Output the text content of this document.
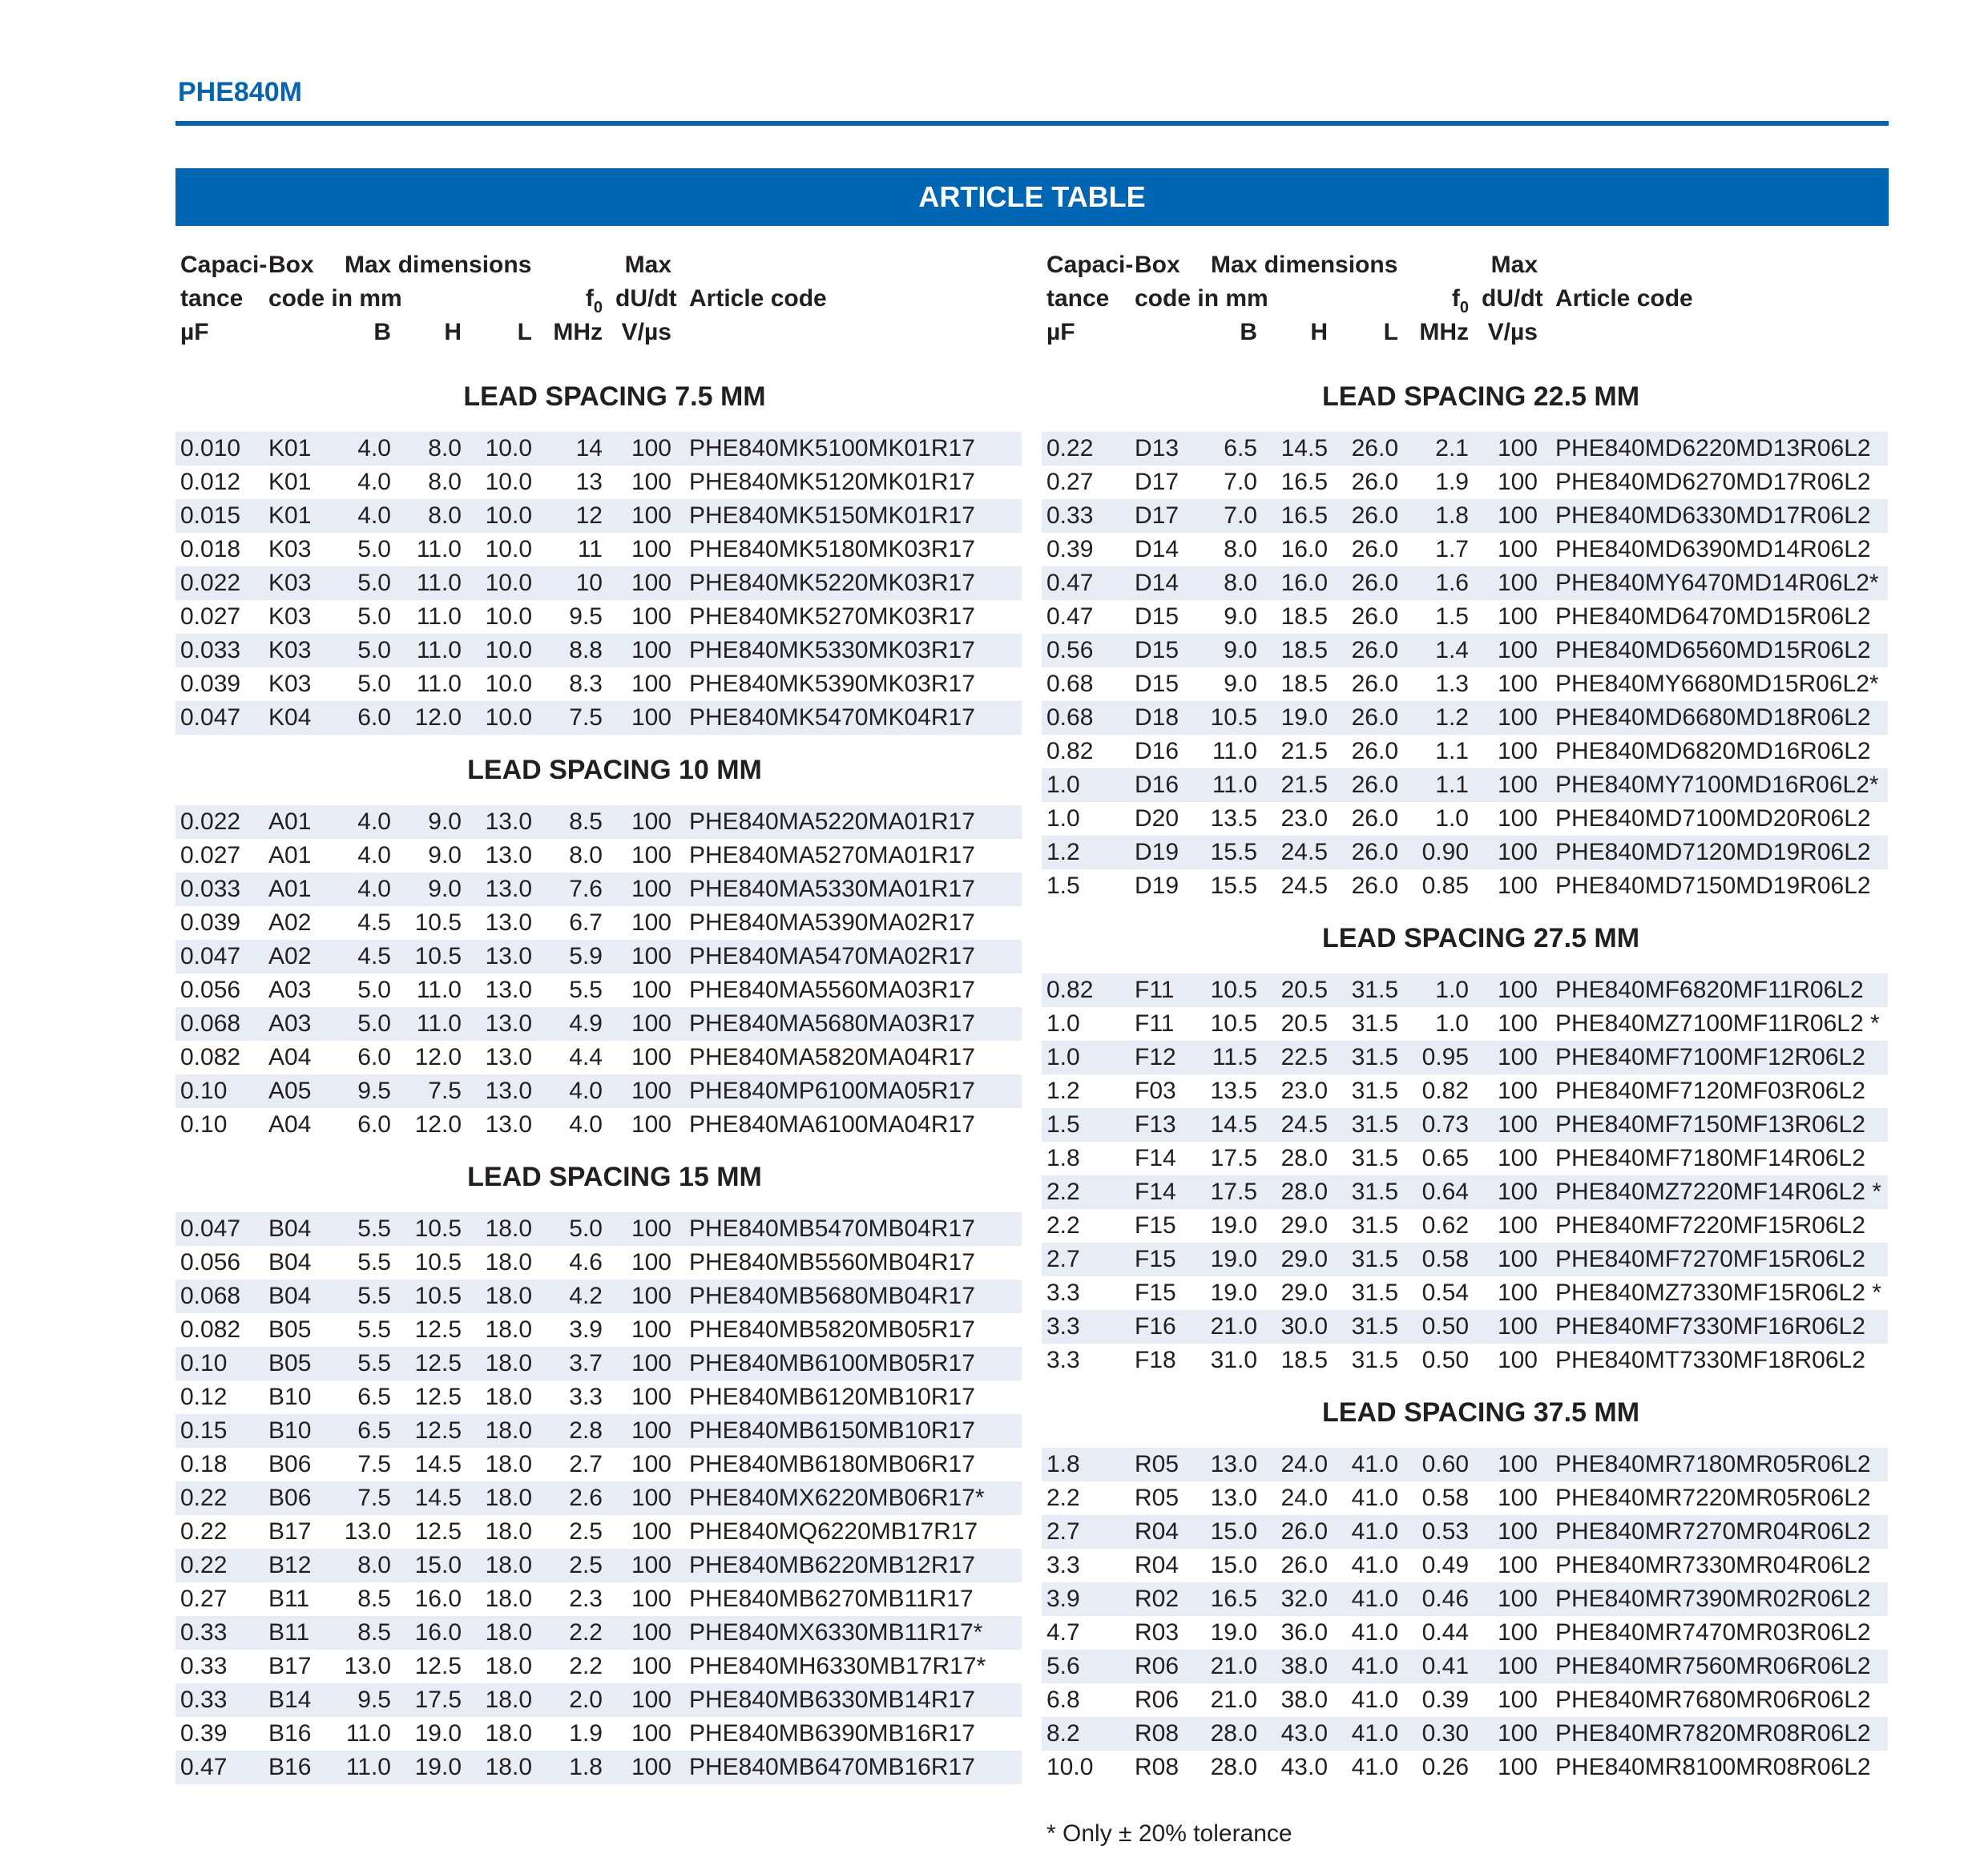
PHE840M
ARTICLE TABLE
Capaci- Box	Max dimensions	Max
tance	code in mm	$f_0$ dU/dt Article code
µF	B	H	L MHz V/µs
LEAD SPACING 7.5 MM
0.010	K01	4.0	8.0 10.0	14	100 PHE840MK5100MK01R17
0.012	K01	4.0	8.0 10.0	13	100 PHE840MK5120MK01R17
0.015	K01	4.0	8.0 10.0	12	100 PHE840MK5150MK01R17
0.018	K03	5.0	11.0 10.0	11	100 PHE840MK5180MK03R17
0.022	K03	5.0	11.0 10.0	10	100 PHE840MK5220MK03R17
0.027	K03	5.0	11.0 10.0	9.5	100 PHE840MK5270MK03R17
0.033	K03	5.0	11.0 10.0	8.8	100 PHE840MK5330MK03R17
0.039	K03	5.0	11.0 10.0	8.3	100 PHE840MK5390MK03R17
0.047	K04	6.0 12.0 10.0	7.5	100 PHE840MK5470MK04R17
LEAD SPACING 10 MM
0.022	A01	4.0	9.0 13.0	8.5	100 PHE840MA5220MA01R17
0.027	A01	4.0	9.0 13.0	8.0	100 PHE840MA5270MA01R17
0.033	A01	4.0	9.0 13.0	7.6	100 PHE840MA5330MA01R17
0.039	A02	4.5 10.5 13.0	6.7	100 PHE840MA5390MA02R17
0.047	A02	4.5 10.5 13.0	5.9	100 PHE840MA5470MA02R17
0.056	A03	5.0	11.0 13.0	5.5	100 PHE840MA5560MA03R17
0.068	A03	5.0	11.0 13.0	4.9	100 PHE840MA5680MA03R17
0.082	A04	6.0 12.0 13.0	4.4	100 PHE840MA5820MA04R17
0.10	A05	9.5	7.5 13.0	4.0	100 PHE840MP6100MA05R17
0.10	A04	6.0 12.0 13.0	4.0	100 PHE840MA6100MA04R17
LEAD SPACING 15 MM
0.047	B04	5.5 10.5 18.0	5.0	100 PHE840MB5470MB04R17
0.056	B04	5.5 10.5 18.0	4.6	100 PHE840MB5560MB04R17
0.068	B04	5.5 10.5 18.0	4.2	100 PHE840MB5680MB04R17
0.082	B05	5.5 12.5 18.0	3.9	100 PHE840MB5820MB05R17
0.10	B05	5.5 12.5 18.0	3.7	100 PHE840MB6100MB05R17
0.12	B10	6.5 12.5 18.0	3.3	100 PHE840MB6120MB10R17
0.15	B10	6.5 12.5 18.0	2.8	100 PHE840MB6150MB10R17
0.18	B06	7.5 14.5 18.0	2.7	100 PHE840MB6180MB06R17
0.22	B06	7.5 14.5 18.0	2.6	100 PHE840MX6220MB06R17*
0.22	B17	13.0 12.5 18.0	2.5	100 PHE840MQ6220MB17R17
0.22	B12	8.0 15.0 18.0	2.5	100 PHE840MB6220MB12R17
0.27	B11	8.5 16.0 18.0	2.3	100 PHE840MB6270MB11R17
0.33	B11	8.5 16.0 18.0	2.2	100 PHE840MX6330MB11R17*
0.33	B17	13.0 12.5 18.0	2.2	100 PHE840MH6330MB17R17*
0.33	B14	9.5 17.5 18.0	2.0	100 PHE840MB6330MB14R17
0.39	B16	11.0 19.0 18.0	1.9	100 PHE840MB6390MB16R17
0.47	B16	11.0 19.0 18.0	1.8	100 PHE840MB6470MB16R17
Capaci- Box	Max dimensions	Max
tance	code in mm	$f_0$ dU/dt Article code
µF	B	H	L MHz V/µs
LEAD SPACING 22.5 MM
0.22	D13	6.5 14.5 26.0	2.1	100 PHE840MD6220MD13R06L2
0.27	D17	7.0 16.5 26.0	1.9	100 PHE840MD6270MD17R06L2
0.33	D17	7.0 16.5 26.0	1.8	100 PHE840MD6330MD17R06L2
0.39	D14	8.0 16.0 26.0	1.7	100 PHE840MD6390MD14R06L2
0.47	D14	8.0 16.0 26.0	1.6	100 PHE840MY6470MD14R06L2*
0.47	D15	9.0 18.5 26.0	1.5	100 PHE840MD6470MD15R06L2
0.56	D15	9.0 18.5 26.0	1.4	100 PHE840MD6560MD15R06L2
0.68	D15	9.0 18.5 26.0	1.3	100 PHE840MY6680MD15R06L2*
0.68	D18	10.5 19.0 26.0	1.2	100 PHE840MD6680MD18R06L2
0.82	D16	11.0 21.5 26.0	1.1	100 PHE840MD6820MD16R06L2
1.0	D16	11.0 21.5 26.0	1.1	100 PHE840MY7100MD16R06L2*
1.0	D20	13.5 23.0 26.0	1.0	100 PHE840MD7100MD20R06L2
1.2	D19	15.5 24.5 26.0 0.90	100 PHE840MD7120MD19R06L2
1.5	D19	15.5 24.5 26.0 0.85	100 PHE840MD7150MD19R06L2
LEAD SPACING 27.5 MM
0.82	F11	10.5 20.5 31.5	1.0	100 PHE840MF6820MF11R06L2
1.0	F11	10.5 20.5 31.5	1.0	100 PHE840MZ7100MF11R06L2 *
1.0	F12	11.5 22.5 31.5 0.95	100 PHE840MF7100MF12R06L2
1.2	F03	13.5 23.0 31.5 0.82	100 PHE840MF7120MF03R06L2
1.5	F13	14.5 24.5 31.5 0.73	100 PHE840MF7150MF13R06L2
1.8	F14	17.5 28.0 31.5 0.65	100 PHE840MF7180MF14R06L2
2.2	F14	17.5 28.0 31.5 0.64	100 PHE840MZ7220MF14R06L2 *
2.2	F15	19.0 29.0 31.5 0.62	100 PHE840MF7220MF15R06L2
2.7	F15	19.0 29.0 31.5 0.58	100 PHE840MF7270MF15R06L2
3.3	F15	19.0 29.0 31.5 0.54	100 PHE840MZ7330MF15R06L2 *
3.3	F16	21.0 30.0 31.5 0.50	100 PHE840MF7330MF16R06L2
3.3	F18	31.0 18.5 31.5 0.50	100 PHE840MT7330MF18R06L2
LEAD SPACING 37.5 MM
1.8	R05	13.0 24.0 41.0 0.60	100 PHE840MR7180MR05R06L2
2.2	R05	13.0 24.0 41.0 0.58	100 PHE840MR7220MR05R06L2
2.7	R04	15.0 26.0 41.0 0.53	100 PHE840MR7270MR04R06L2
3.3	R04	15.0 26.0 41.0 0.49	100 PHE840MR7330MR04R06L2
3.9	R02	16.5 32.0 41.0 0.46	100 PHE840MR7390MR02R06L2
4.7	R03	19.0 36.0 41.0 0.44	100 PHE840MR7470MR03R06L2
5.6	R06	21.0 38.0 41.0 0.41	100 PHE840MR7560MR06R06L2
6.8	R06	21.0 38.0 41.0 0.39	100 PHE840MR7680MR06R06L2
8.2	R08	28.0 43.0 41.0 0.30	100 PHE840MR7820MR08R06L2
10.0	R08	28.0 43.0 41.0 0.26	100 PHE840MR8100MR08R06L2
* Only ± 20% tolerance
